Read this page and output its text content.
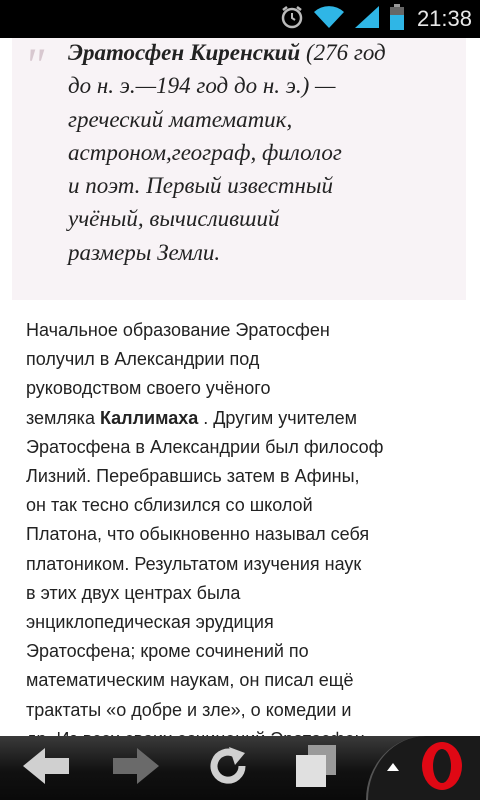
21:38
" Эратосфен Киренский (276 год
до н. э.—194 год до н. э.) —
греческий математик,
астроном,географ, филолог
и поэт. Первый известный
учёный, вычисливший
размеры Земли.

Начальное образование Эратосфен
получил в Александрии под
руководством своего учёного
земляка Каллимаха . Другим учителем
Эратосфена в Александрии был философ
Лизний. Перебравшись затем в Афины,
он так тесно сблизился со школой
Платона, что обыкновенно называл себя
платоником. Результатом изучения наук
в этих двух центрах была
энциклопедическая эрудиция
Эратосфена; кроме сочинений по
математическим наукам, он писал ещё
трактаты «о добре и зле», о комедии и
